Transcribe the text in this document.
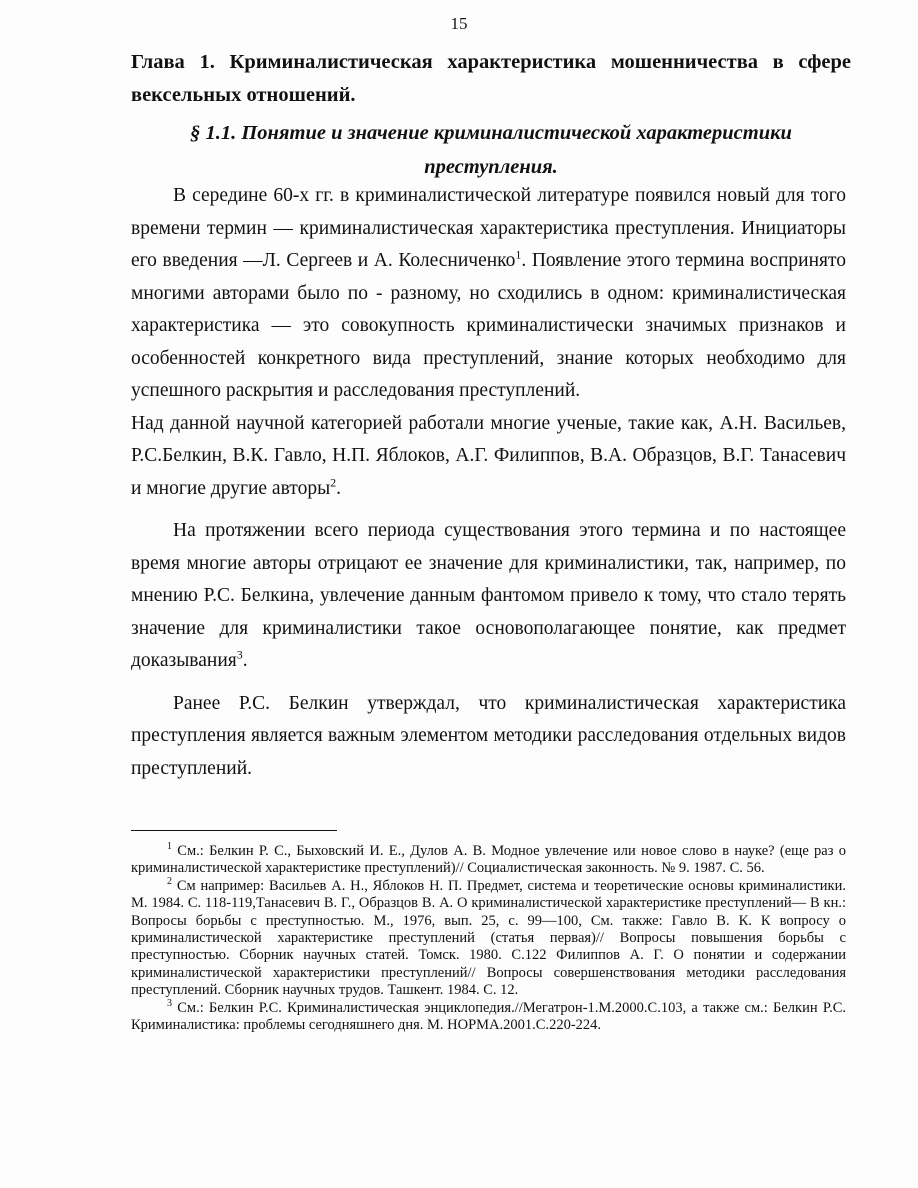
15
Глава 1. Криминалистическая характеристика мошенничества в сфере
вексельных отношений.
§ 1.1. Понятие и значение криминалистической характеристики
преступления.

В середине 60-х гг. в криминалистической литературе появился новый для того времени термин — криминалистическая характеристика преступления. Инициаторы его введения —Л. Сергеев и А. Колесниченко$^1$. Появление этого термина воспринято многими авторами было по - разному, но сходились в одном: криминалистическая характеристика — это совокупность криминалистически значимых признаков и особенностей конкретного вида преступлений, знание которых необходимо для успешного раскрытия и расследования преступлений.

Над данной научной категорией работали многие ученые, такие как, А.Н. Васильев, Р.С.Белкин, В.К. Гавло, Н.П. Яблоков, А.Г. Филиппов, В.А. Образцов, В.Г. Танасевич и многие другие авторы$^2$.

На протяжении всего периода существования этого термина и по настоящее время многие авторы отрицают ее значение для криминалистики, так, например, по мнению Р.С. Белкина, увлечение данным фантомом привело к тому, что стало терять значение для криминалистики такое основополагающее понятие, как предмет доказывания$^3$.

Ранее Р.С. Белкин утверждал, что криминалистическая характеристика преступления является важным элементом методики расследования отдельных видов преступлений.

$^1$ См.: Белкин Р. С., Быховский И. Е., Дулов А. В. Модное увлечение или новое слово в науке? (еще раз о криминалистической характеристике преступлений)// Социалистическая законность. № 9. 1987. С. 56.

$^2$ См например: Васильев А. Н., Яблоков Н. П. Предмет, система и теоретические основы криминалистики. М. 1984. С. 118-119,Танасевич В. Г., Образцов В. А. О криминалистической характеристике преступлений— В кн.: Вопросы борьбы с преступностью. М., 1976, вып. 25, с. 99—100, См. также: Гавло В. К. К вопросу о криминалистической характеристике преступлений (статья первая)// Вопросы повышения борьбы с преступностью. Сборник научных статей. Томск. 1980. С.122 Филиппов А. Г. О понятии и содержании криминалистической характеристики преступлений// Вопросы совершенствования методики расследования преступлений. Сборник научных трудов. Ташкент. 1984. С. 12.

$^3$ См.: Белкин Р.С. Криминалистическая энциклопедия.//Мегатрон-1.М.2000.С.103, а также см.: Белкин Р.С. Криминалистика: проблемы сегодняшнего дня. М. НОРМА.2001.С.220-224.
